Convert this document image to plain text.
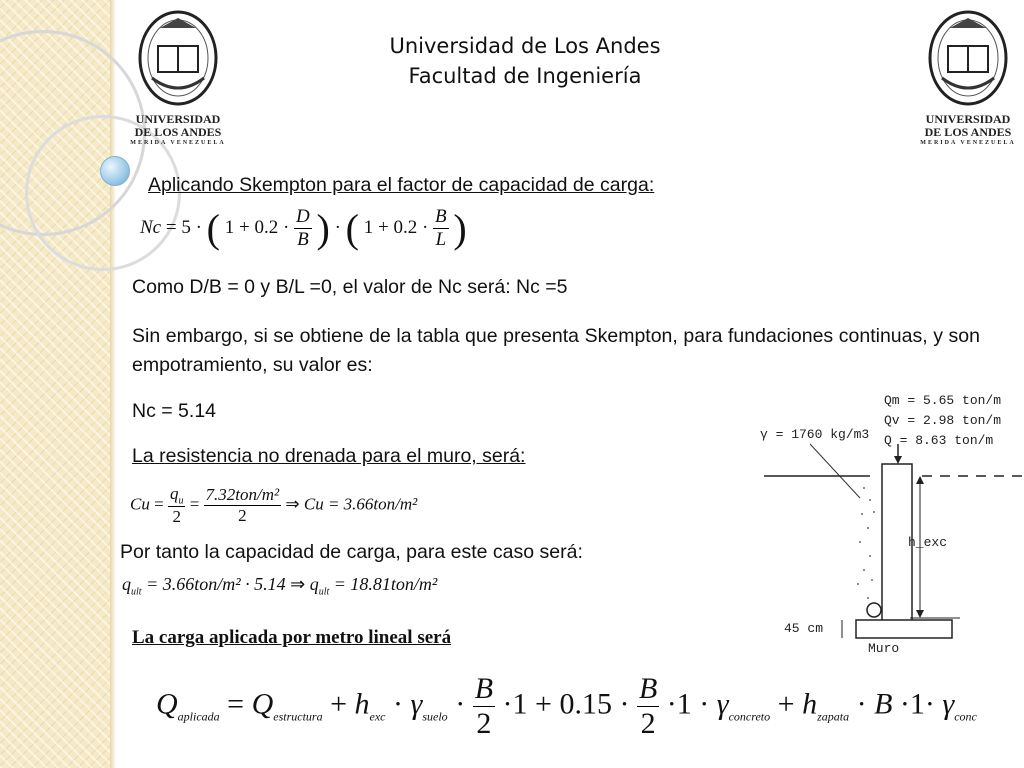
UNIVERSIDAD
DE LOS ANDES
MERIDA VENEZUELA
UNIVERSIDAD
DE LOS ANDES
MERIDA VENEZUELA
Universidad de Los Andes
Facultad de Ingeniería
Aplicando Skempton para el factor de capacidad de carga:
Nc = 5 · ( $1 + 0.2 \cdot \frac{D}{B}$ ) · ( $1 + 0.2 \cdot \frac{B}{L}$ )
Como D/B = 0 y B/L =0, el valor de Nc será: Nc =5
Sin embargo, si se obtiene de la tabla que presenta Skempton, para fundaciones continuas, y son empotramiento, su valor es:
Nc = 5.14
La resistencia no drenada para el muro, será:
$Cu = \frac{q_u}{2} = \frac{\text{7.32ton/m²}}{2}$ ⇒ Cu = 3.66ton/m²
Por tanto la capacidad de carga, para este caso será:
$q_{ult} = 3.66ton/m^2 \cdot 5.14$ ⇒ $q_{ult} = 18.81ton/m^2$
La carga aplicada por metro lineal será
$Q_{aplicada} = Q_{estructura} + h_{exc} \cdot \gamma_{suelo} \cdot \frac{B}{2} \cdot 1 + 0.15 \cdot \frac{B}{2} \cdot 1 \cdot \gamma_{concreto} + h_{zapata} \cdot B \cdot 1\cdot \gamma_{conc}$
Qm = 5.65 ton/m
Qv = 2.98 ton/m
Q = 8.63 ton/m
γ = 1760 kg/m3
h_exc
45 cm
Muro
